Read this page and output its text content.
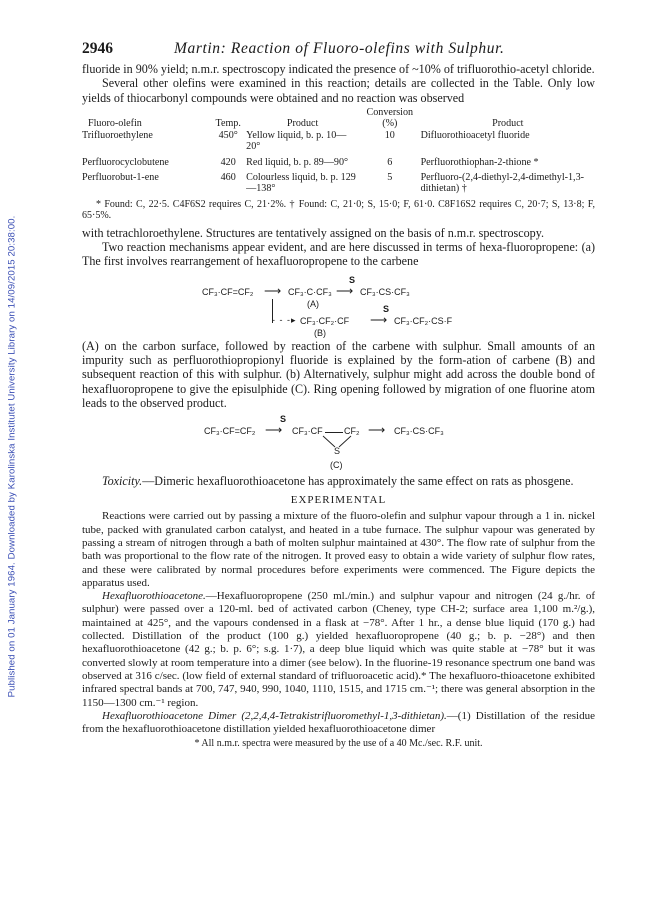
Published on 01 January 1964. Downloaded by Karolinska Institutet University Library on 14/09/2015 20:38:00.
2946	Martin: Reaction of Fluoro-olefins with Sulphur.

fluoride in 90% yield; n.m.r. spectroscopy indicated the presence of ~10% of trifluorothio-acetyl chloride.

Several other olefins were examined in this reaction; details are collected in the Table. Only low yields of thiocarbonyl compounds were obtained and no reaction was observed

Fluoro-olefin	Temp.	Product	Conversion (%)	Product
Trifluoroethylene	450°	Yellow liquid, b. p. 10—20°	10	Difluorothioacetyl fluoride
Perfluorocyclobutene	420	Red liquid, b. p. 89—90°	6	Perfluorothiophan-2-thione *
Perfluorobut-1-ene	460	Colourless liquid, b. p. 129—138°	5	Perfluoro-(2,4-diethyl-2,4-dimethyl-1,3-dithietan) †

* Found: C, 22·5. C4F6S2 requires C, 21·2%. † Found: C, 21·0; S, 15·0; F, 61·0. C8F16S2 requires C, 20·7; S, 13·8; F, 65·5%.

with tetrachloroethylene. Structures are tentatively assigned on the basis of n.m.r. spectroscopy.

Two reaction mechanisms appear evident, and are here discussed in terms of hexa-fluoropropene: (a) The first involves rearrangement of hexafluoropropene to the carbene

CF₃·CF=CF₂ ⟶ CF₃·C·CF₃
(A)
S
⟶ CF₃·CS·CF₃
- - -▸ CF₃·CF₂·CF
(B)
S
⟶ CF₃·CF₂·CS·F

(A) on the carbon surface, followed by reaction of the carbene with sulphur. Small amounts of an impurity such as perfluorothiopropionyl fluoride is explained by the form-ation of carbene (B) and subsequent reaction of this with sulphur. (b) Alternatively, sulphur might add across the double bond of hexafluoropropene to give the episulphide (C). Ring opening followed by migration of one fluorine atom leads to the observed product.

CF₃·CF=CF₂
S
⟶ CF₃·CF CF₂
S
(C)
⟶ CF₃·CS·CF₃

Toxicity.—Dimeric hexafluorothioacetone has approximately the same effect on rats as phosgene.

EXPERIMENTAL

Reactions were carried out by passing a mixture of the fluoro-olefin and sulphur vapour through a 1 in. nickel tube, packed with granulated carbon catalyst, and heated in a tube furnace. The sulphur vapour was generated by passing a stream of nitrogen through a bath of molten sulphur maintained at 430°. The flow rate of sulphur from the bath was proportional to the flow rate of the nitrogen. It proved easy to obtain a wide variety of sulphur flow rates, and these were calibrated by normal procedures before experiments were commenced. The Figure depicts the apparatus used.

Hexafluorothioacetone.—Hexafluoropropene (250 ml./min.) and sulphur vapour and nitrogen (24 g./hr. of sulphur) were passed over a 120-ml. bed of activated carbon (Cheney, type CH-2; surface area 1,100 m.²/g.), maintained at 425°, and the vapours condensed in a flask at −78°. After 1 hr., a dense blue liquid (170 g.) had collected. Distillation of the product (100 g.) yielded hexafluoropropene (40 g.; b. p. −28°) and then hexafluorothioacetone (42 g.; b. p. 6°; s.g. 1·7), a deep blue liquid which was quite stable at −78° but it was converted slowly at room temperature into a dimer (see below). In the fluorine-19 resonance spectrum one band was observed at 316 c/sec. (low field of external standard of trifluoroacetic acid).* The hexafluoro-thioacetone exhibited infrared spectral bands at 700, 747, 940, 990, 1040, 1110, 1515, and 1715 cm.⁻¹; there was general absorption in the 1150—1300 cm.⁻¹ region.

Hexafluorothioacetone Dimer (2,2,4,4-Tetrakistrifluoromethyl-1,3-dithietan).—(1) Distillation of the residue from the hexafluorothioacetone distillation yielded hexafluorothioacetone dimer

* All n.m.r. spectra were measured by the use of a 40 Mc./sec. R.F. unit.
